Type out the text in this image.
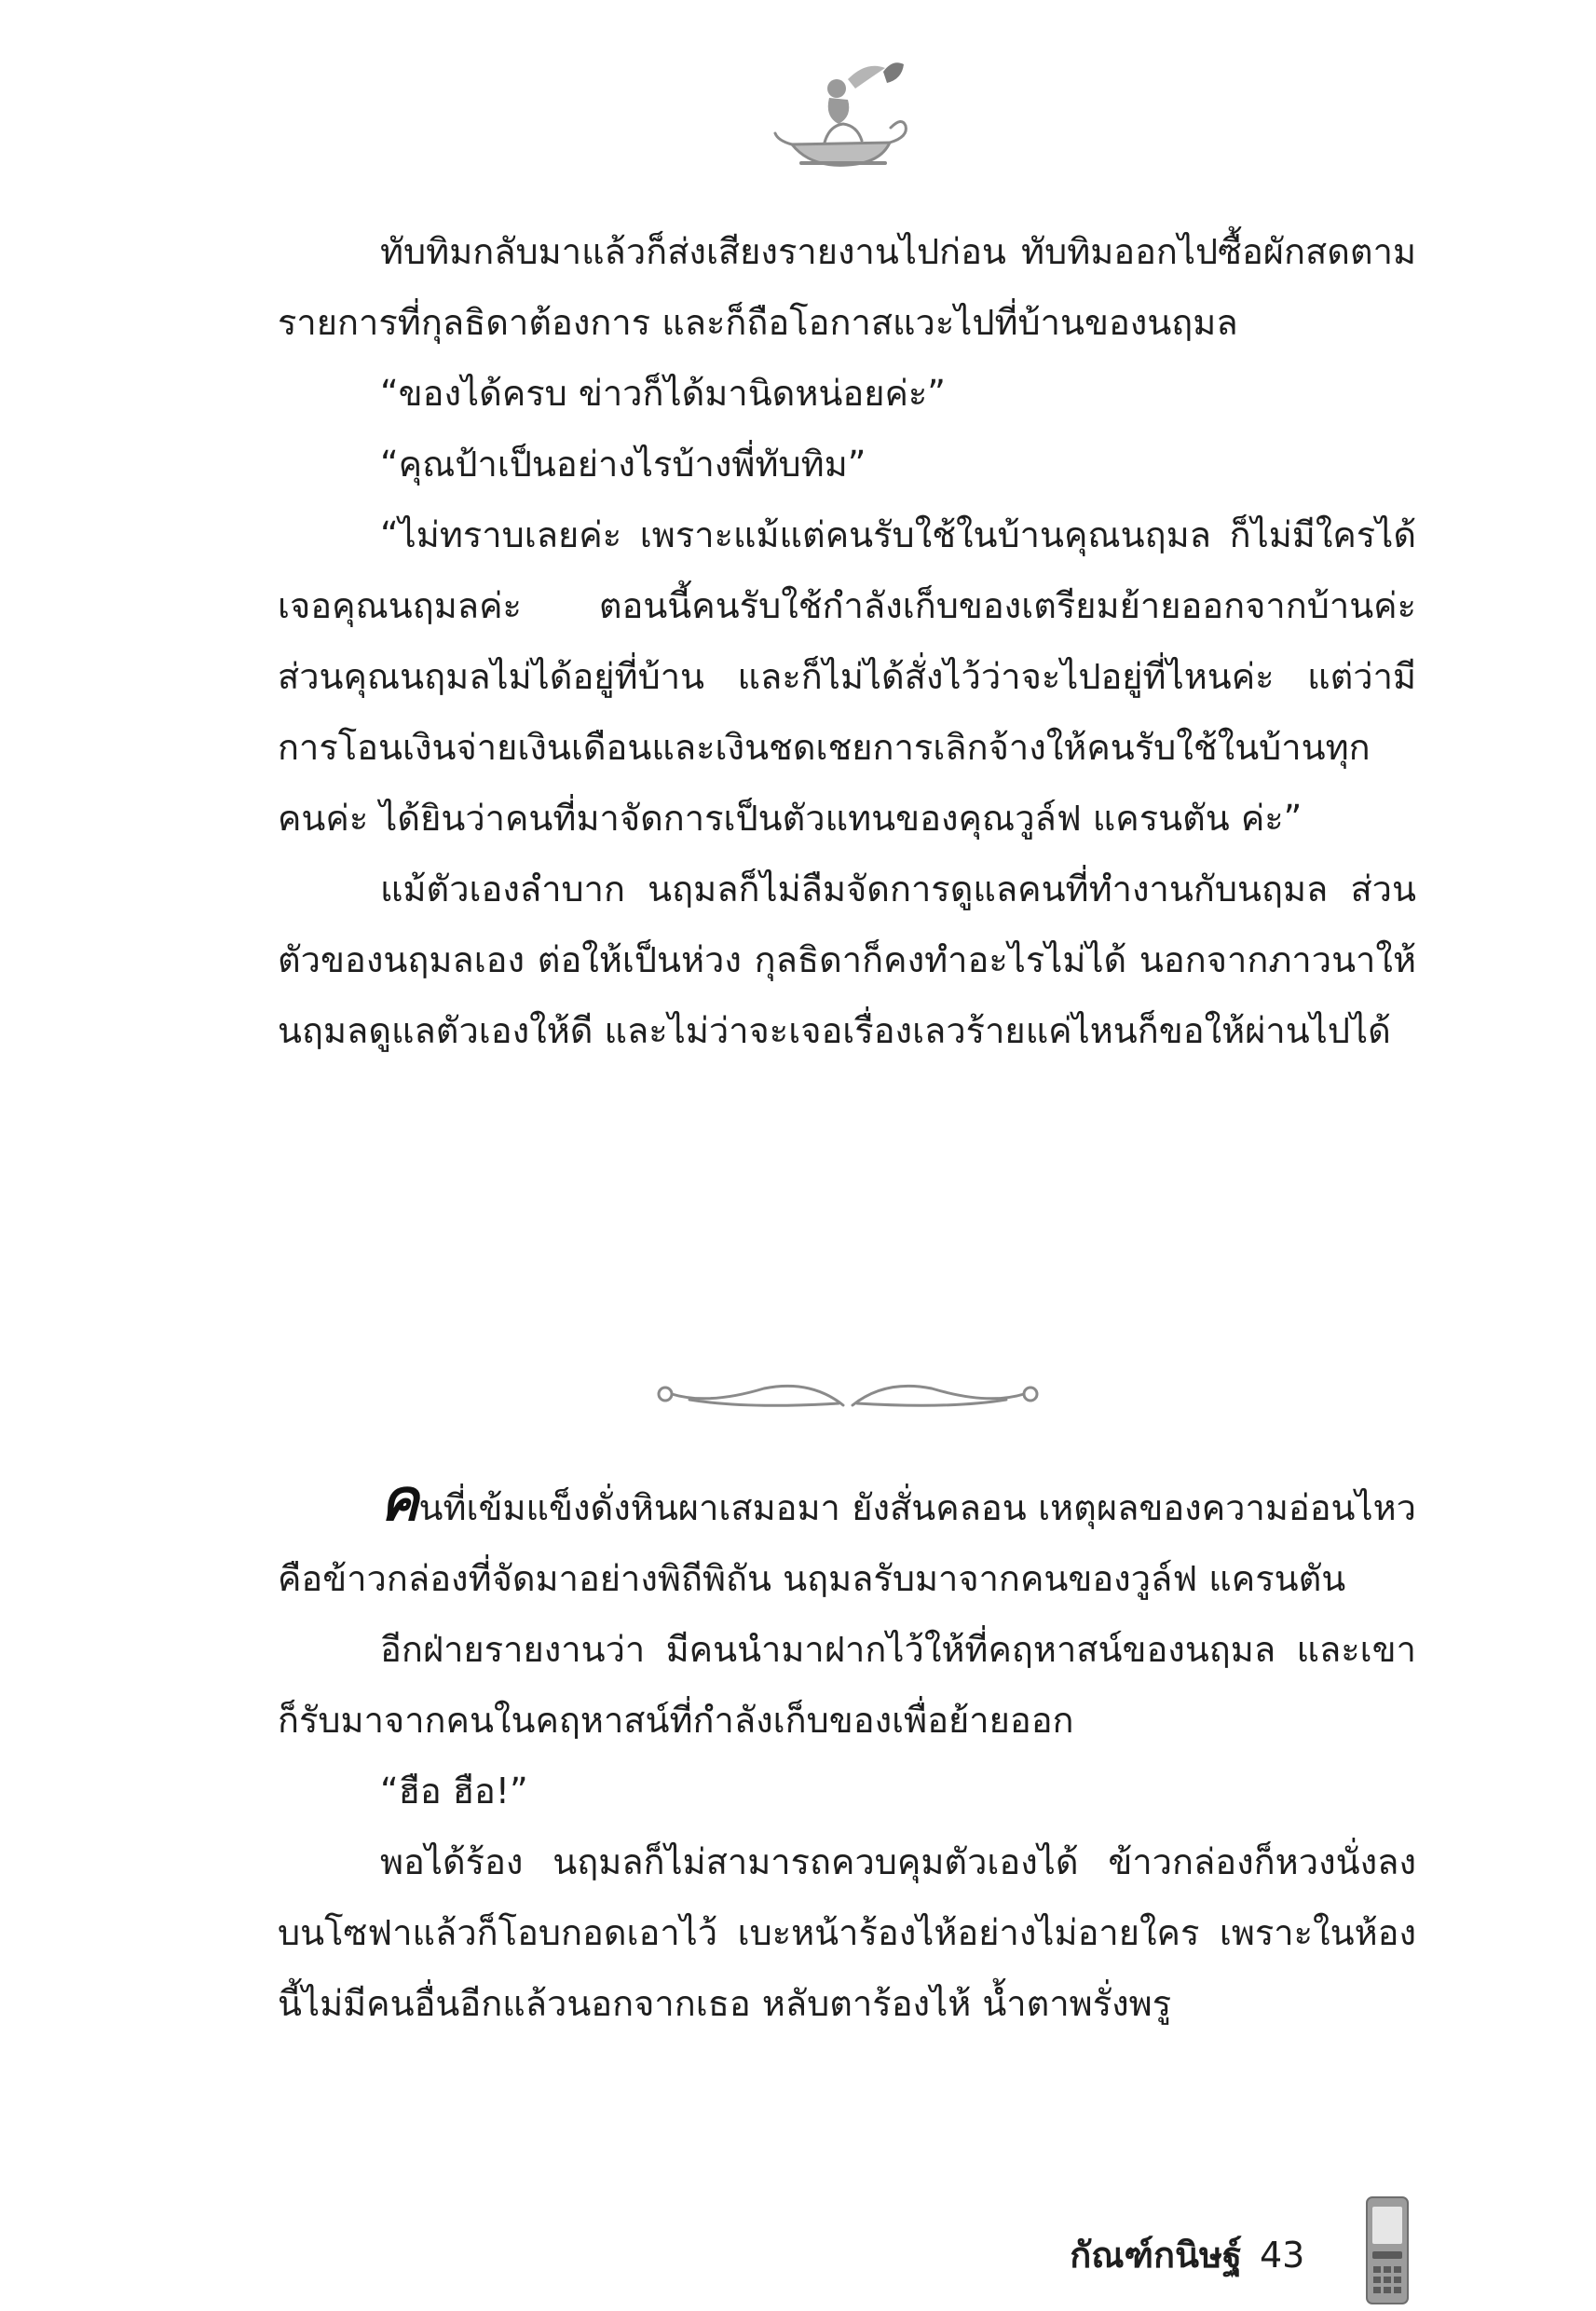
ทับทิมกลับมาแล้วก็ส่งเสียงรายงานไปก่อน ทับทิมออกไปซื้อผักสดตามรายการที่กุลธิดาต้องการ และก็ถือโอกาสแวะไปที่บ้านของนฤมล

“ของได้ครบ ข่าวก็ได้มานิดหน่อยค่ะ”

“คุณป้าเป็นอย่างไรบ้างพี่ทับทิม”

“ไม่ทราบเลยค่ะ เพราะแม้แต่คนรับใช้ในบ้านคุณนฤมล ก็ไม่มีใครได้เจอคุณนฤมลค่ะ ตอนนี้คนรับใช้กำลังเก็บของเตรียมย้ายออกจากบ้านค่ะ ส่วนคุณนฤมลไม่ได้อยู่ที่บ้าน และก็ไม่ได้สั่งไว้ว่าจะไปอยู่ที่ไหนค่ะ แต่ว่ามีการโอนเงินจ่ายเงินเดือนและเงินชดเชยการเลิกจ้างให้คนรับใช้ในบ้านทุกคนค่ะ ได้ยินว่าคนที่มาจัดการเป็นตัวแทนของคุณวูล์ฟ แครนตัน ค่ะ”

แม้ตัวเองลำบาก นฤมลก็ไม่ลืมจัดการดูแลคนที่ทำงานกับนฤมล ส่วนตัวของนฤมลเอง ต่อให้เป็นห่วง กุลธิดาก็คงทำอะไรไม่ได้ นอกจากภาวนาให้นฤมลดูแลตัวเองให้ดี และไม่ว่าจะเจอเรื่องเลวร้ายแค่ไหนก็ขอให้ผ่านไปได้

คนที่เข้มแข็งดั่งหินผาเสมอมา ยังสั่นคลอน เหตุผลของความอ่อนไหว คือข้าวกล่องที่จัดมาอย่างพิถีพิถัน นฤมลรับมาจากคนของวูล์ฟ แครนตัน

อีกฝ่ายรายงานว่า มีคนนำมาฝากไว้ให้ที่คฤหาสน์ของนฤมล และเขาก็รับมาจากคนในคฤหาสน์ที่กำลังเก็บของเพื่อย้ายออก

“ฮือ ฮือ!”

พอได้ร้อง นฤมลก็ไม่สามารถควบคุมตัวเองได้ ข้าวกล่องก็หวงนั่งลงบนโซฟาแล้วก็โอบกอดเอาไว้ เบะหน้าร้องไห้อย่างไม่อายใคร เพราะในห้องนี้ไม่มีคนอื่นอีกแล้วนอกจากเธอ หลับตาร้องไห้ น้ำตาพรั่งพรู

กัณฑ์กนิษฐ์ 43
